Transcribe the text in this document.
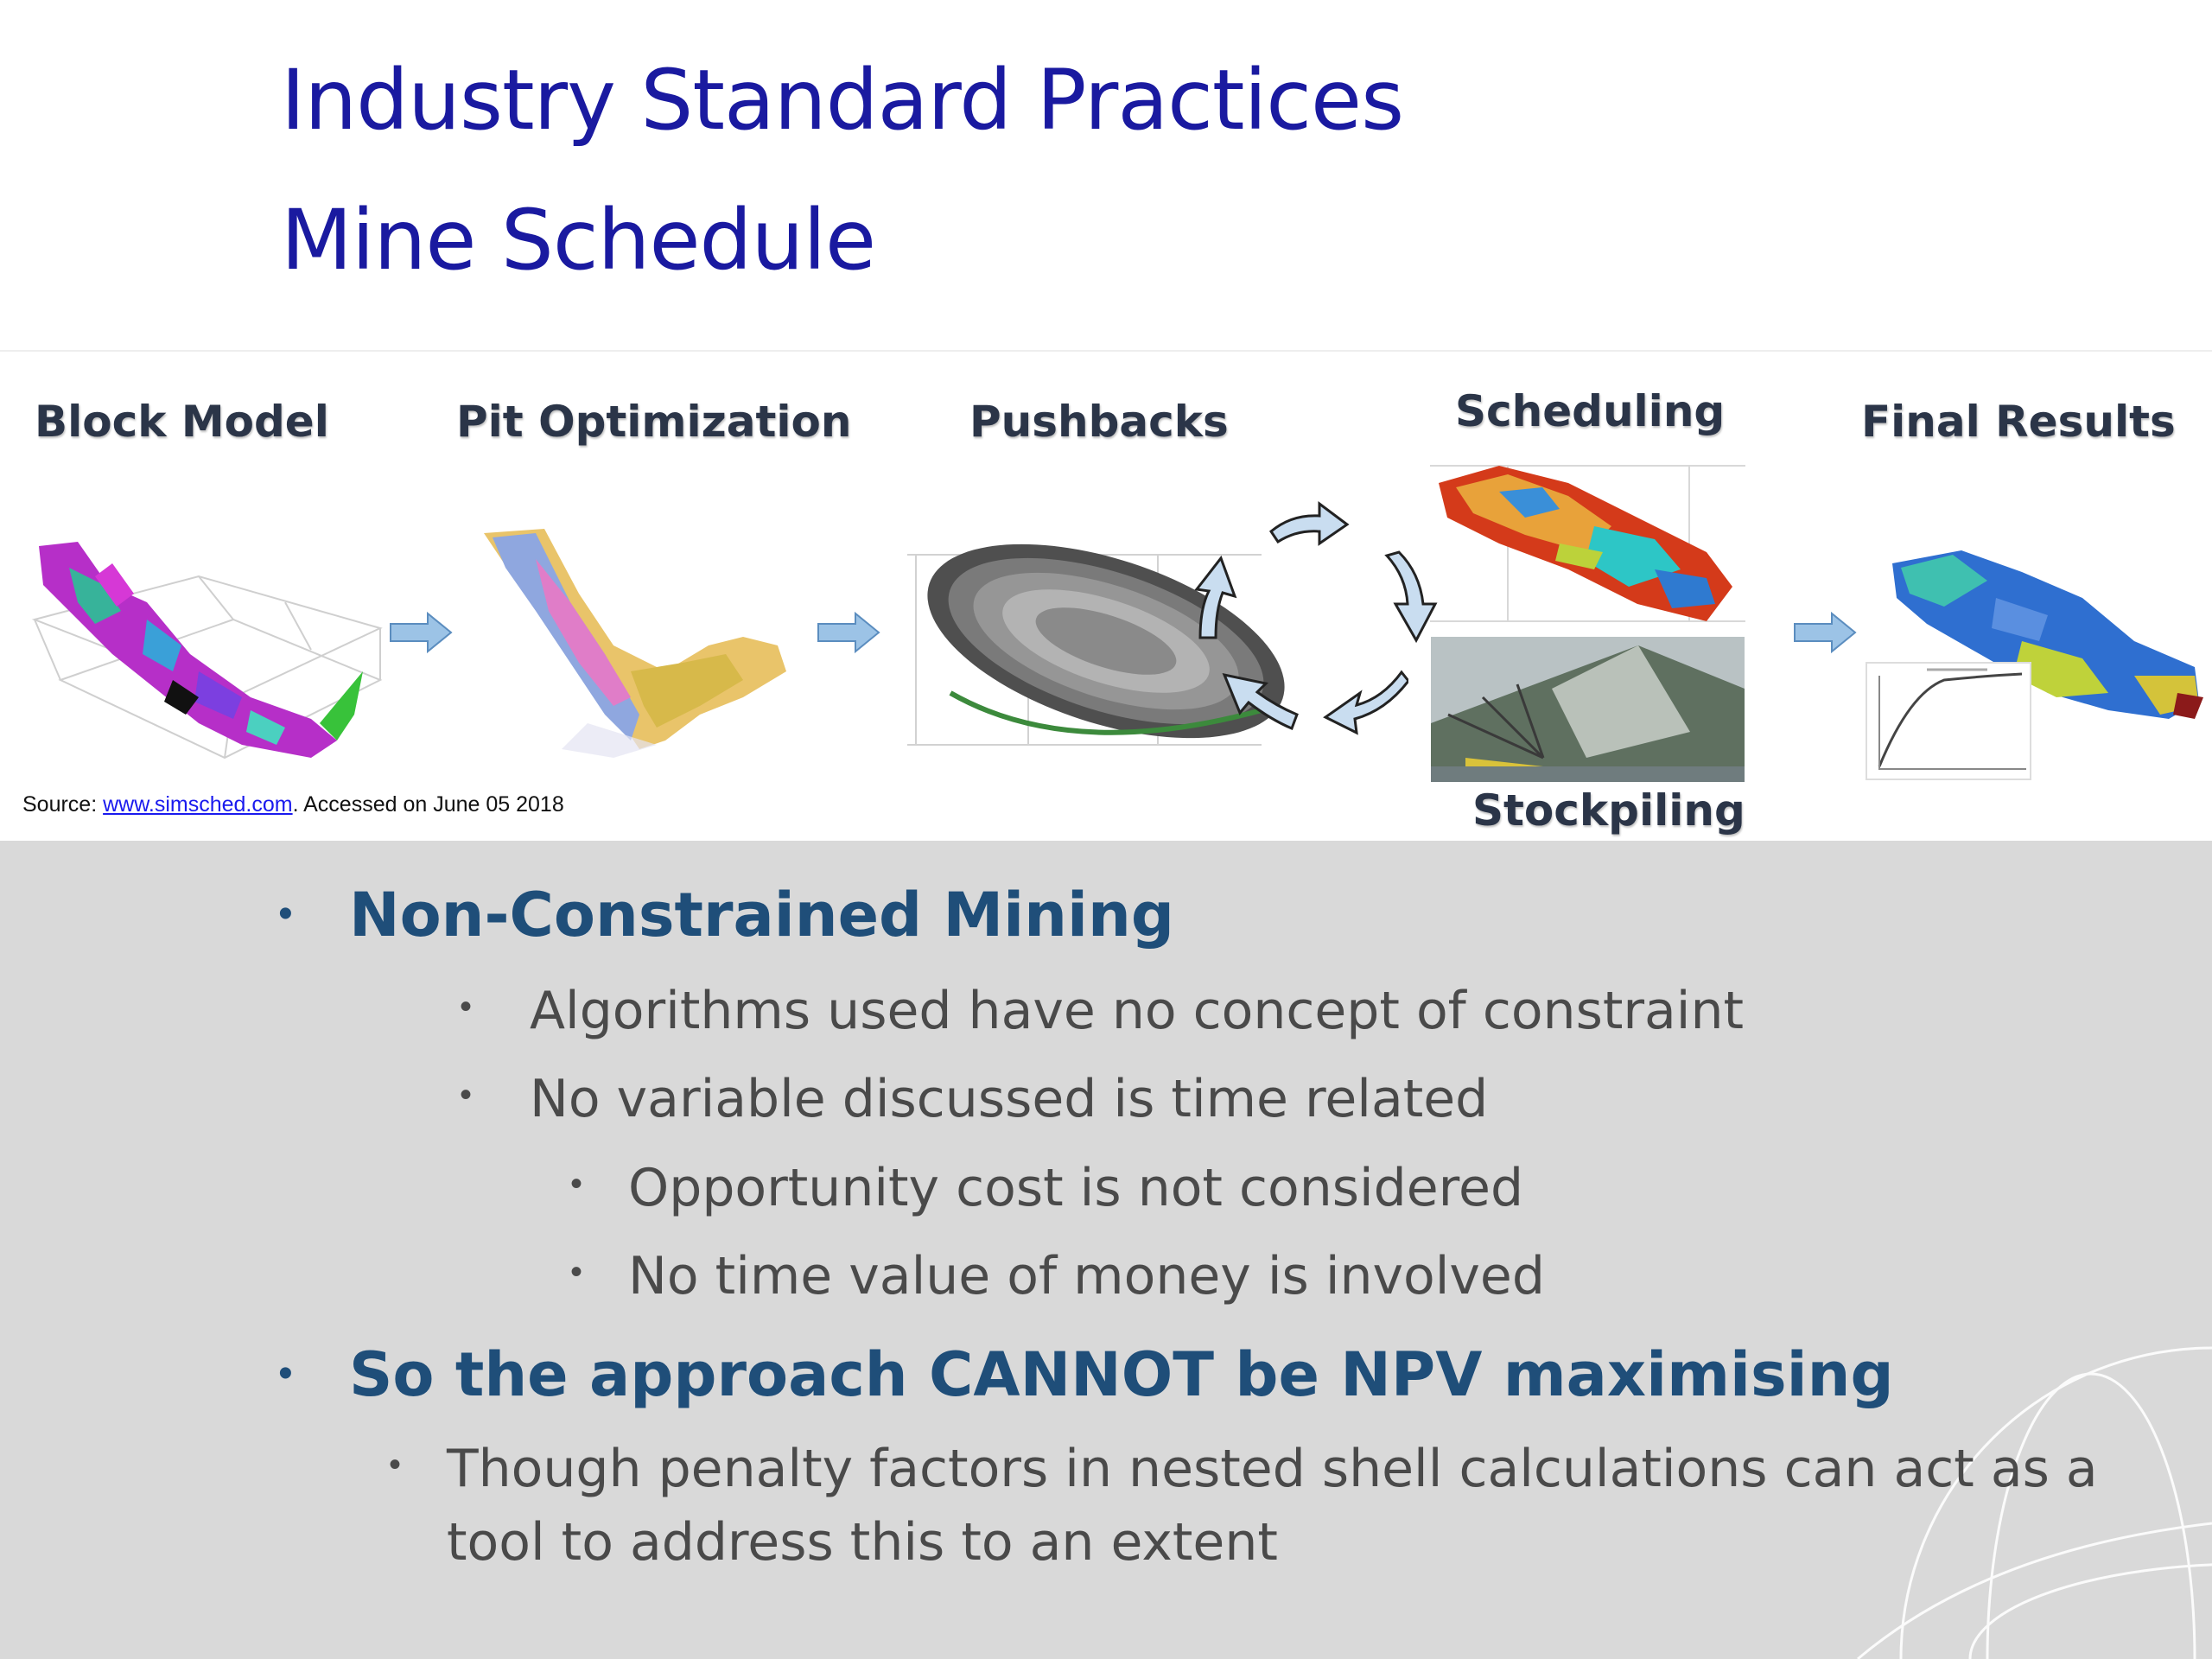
Industry Standard Practices
Mine Schedule
Block Model	Pit Optimization	Pushbacks	Scheduling	Final Results
Stockpiling
Source: www.simsched.com. Accessed on June 05 2018
• Non-Constrained Mining
• Algorithms used have no concept of constraint
• No variable discussed is time related
• Opportunity cost is not considered
• No time value of money is involved
• So the approach CANNOT be NPV maximising
• Though penalty factors in nested shell calculations can act as a
tool to address this to an extent
